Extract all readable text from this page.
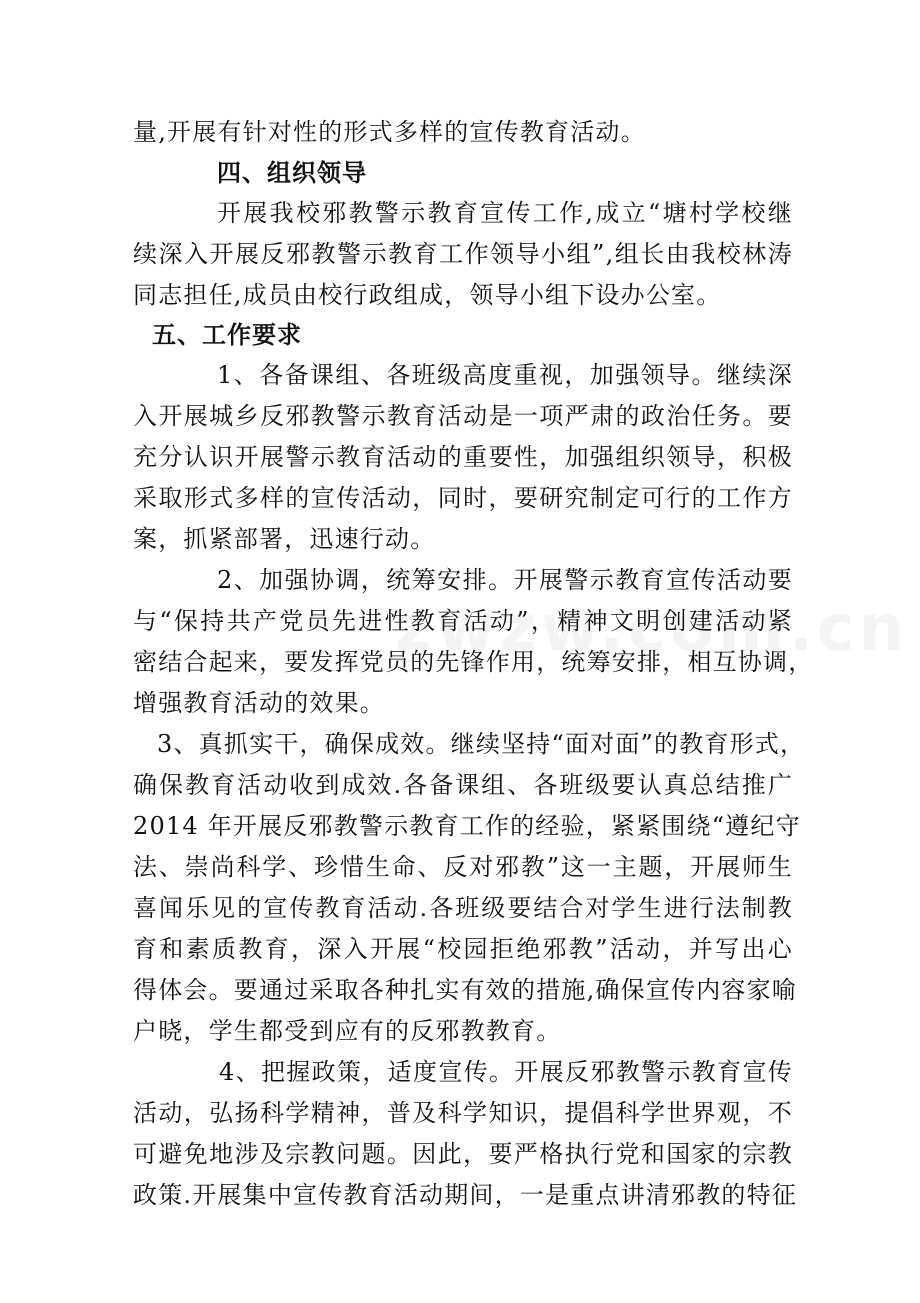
量,开展有针对性的形式多样的宣传教育活动。
四、组织领导
开展我校邪教警示教育宣传工作,成立“塘村学校继
续深入开展反邪教警示教育工作领导小组”,组长由我校林涛
同志担任,成员由校行政组成，领导小组下设办公室。
五、工作要求
1、各备课组、各班级高度重视，加强领导。继续深
入开展城乡反邪教警示教育活动是一项严肃的政治任务。要
充分认识开展警示教育活动的重要性，加强组织领导，积极
采取形式多样的宣传活动，同时，要研究制定可行的工作方
案，抓紧部署，迅速行动。
2、加强协调，统筹安排。开展警示教育宣传活动要
与“保持共产党员先进性教育活动”，精神文明创建活动紧
密结合起来，要发挥党员的先锋作用，统筹安排，相互协调，
增强教育活动的效果。
3、真抓实干，确保成效。继续坚持“面对面”的教育形式，
确保教育活动收到成效.各备课组、各班级要认真总结推广
2014 年开展反邪教警示教育工作的经验，紧紧围绕“遵纪守
法、崇尚科学、珍惜生命、反对邪教”这一主题，开展师生
喜闻乐见的宣传教育活动.各班级要结合对学生进行法制教
育和素质教育，深入开展“校园拒绝邪教”活动，并写出心
得体会。要通过采取各种扎实有效的措施,确保宣传内容家喻
户晓，学生都受到应有的反邪教教育。
4、把握政策，适度宣传。开展反邪教警示教育宣传
活动，弘扬科学精神，普及科学知识，提倡科学世界观，不
可避免地涉及宗教问题。因此，要严格执行党和国家的宗教
政策.开展集中宣传教育活动期间，一是重点讲清邪教的特征
